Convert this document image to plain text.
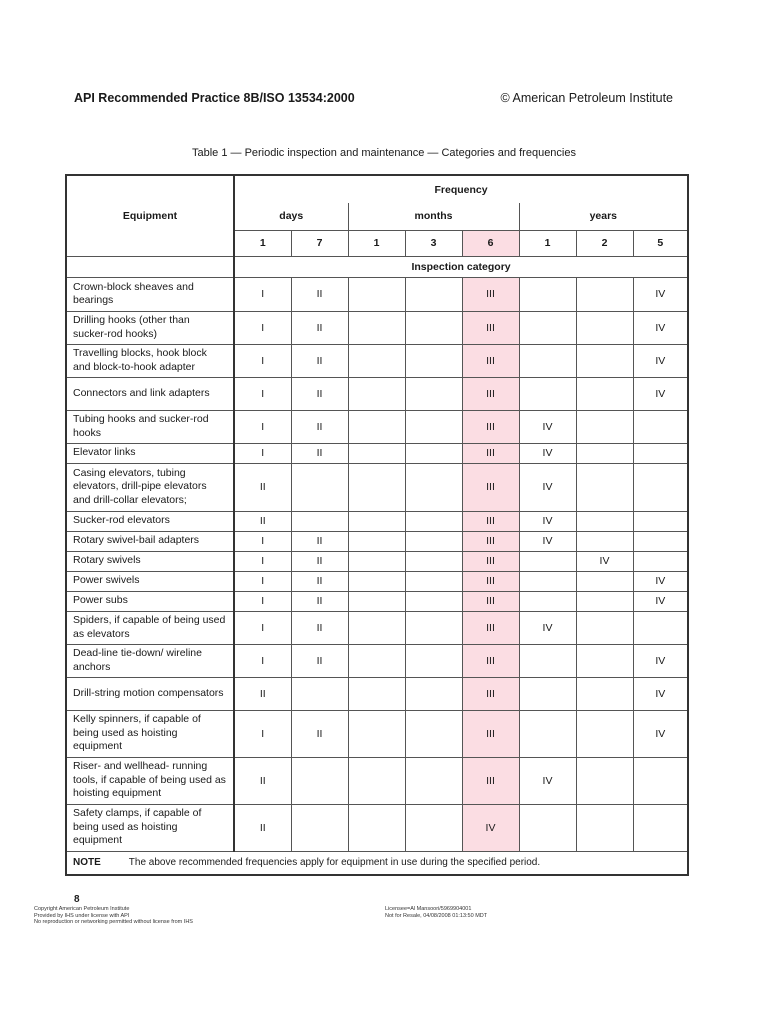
API Recommended Practice 8B/ISO 13534:2000	© American Petroleum Institute
Table 1 — Periodic inspection and maintenance — Categories and frequencies
Equipment	Frequency							
	days		months			years		
	1	7	1	3	6	1	2	5
	Inspection category							
Crown-block sheaves and bearings	I	II			III			IV
Drilling hooks (other than sucker-rod hooks)	I	II			III			IV
Travelling blocks, hook block and block-to-hook adapter	I	II			III			IV
Connectors and link adapters	I	II			III			IV
Tubing hooks and sucker-rod hooks	I	II			III	IV		
Elevator links	I	II			III	IV		
Casing elevators, tubing elevators, drill-pipe elevators and drill-collar elevators;	II				III	IV		
Sucker-rod elevators	II				III	IV		
Rotary swivel-bail adapters	I	II			III	IV		
Rotary swivels	I	II			III		IV	
Power swivels	I	II			III			IV
Power subs	I	II			III			IV
Spiders, if capable of being used as elevators	I	II			III	IV		
Dead-line tie-down/ wireline anchors	I	II			III			IV
Drill-string motion compensators	II				III			IV
Kelly spinners, if capable of being used as hoisting equipment	I	II			III			IV
Riser- and wellhead- running tools, if capable of being used as hoisting equipment	II				III	IV		
Safety clamps, if capable of being used as hoisting equipment	II				IV			
NOTE The above recommended frequencies apply for equipment in use during the specified period.								
8
Copyright American Petroleum Institute
Provided by IHS under license with API
No reproduction or networking permitted without license from IHS
Licensee=Al Mansoori/5969904001
Not for Resale, 04/08/2008 01:13:50 MDT
